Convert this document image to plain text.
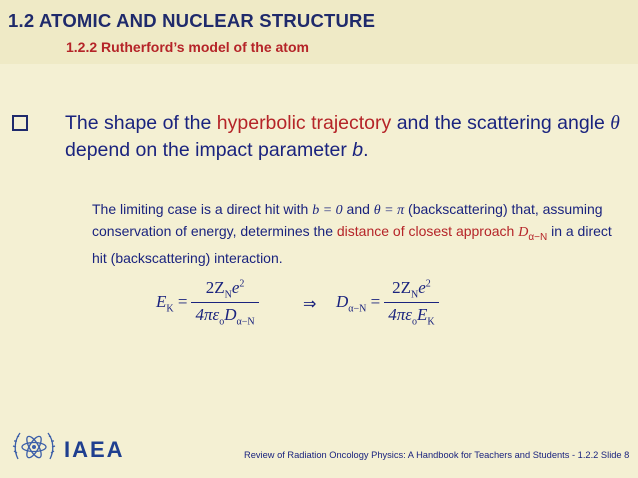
1.2 ATOMIC AND NUCLEAR STRUCTURE
1.2.2 Rutherford’s model of the atom
The shape of the hyperbolic trajectory and the scattering angle θ depend on the impact parameter b.
The limiting case is a direct hit with b = 0 and θ = π (backscattering) that, assuming conservation of energy, determines the distance of closest approach $D_{\alpha-N}$ in a direct hit (backscattering) interaction.
$E_K = \frac{2Z_Ne^2}{4\pi\varepsilon_oD_{\alpha-N}}$	⇒ $D_{\alpha-N} = \frac{2Z_Ne^2}{4\pi\varepsilon_oE_K}$
IAEA	Review of Radiation Oncology Physics: A Handbook for Teachers and Students - 1.2.2 Slide 8
